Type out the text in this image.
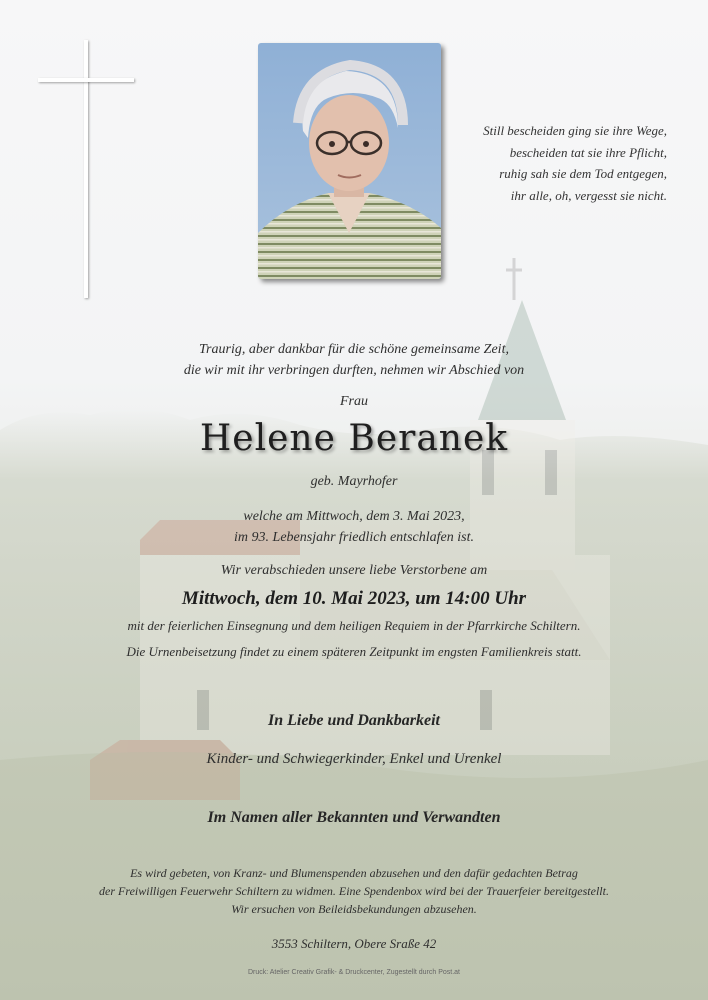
Still bescheiden ging sie ihre Wege,
bescheiden tat sie ihre Pflicht,
ruhig sah sie dem Tod entgegen,
ihr alle, oh, vergesst sie nicht.
Traurig, aber dankbar für die schöne gemeinsame Zeit,
die wir mit ihr verbringen durften, nehmen wir Abschied von
Frau
Helene Beranek
geb. Mayrhofer
welche am Mittwoch, dem 3. Mai 2023,
im 93. Lebensjahr friedlich entschlafen ist.
Wir verabschieden unsere liebe Verstorbene am
Mittwoch, dem 10. Mai 2023, um 14:00 Uhr
mit der feierlichen Einsegnung und dem heiligen Requiem in der Pfarrkirche Schiltern.
Die Urnenbeisetzung findet zu einem späteren Zeitpunkt im engsten Familienkreis statt.
In Liebe und Dankbarkeit
Kinder- und Schwiegerkinder, Enkel und Urenkel
Im Namen aller Bekannten und Verwandten
Es wird gebeten, von Kranz- und Blumenspenden abzusehen und den dafür gedachten Betrag
der Freiwilligen Feuerwehr Schiltern zu widmen. Eine Spendenbox wird bei der Trauerfeier bereitgestellt.
Wir ersuchen von Beileidsbekundungen abzusehen.
3553 Schiltern, Obere Sraße 42
Druck: Atelier Creativ Grafik- & Druckcenter, Zugestellt durch Post.at
